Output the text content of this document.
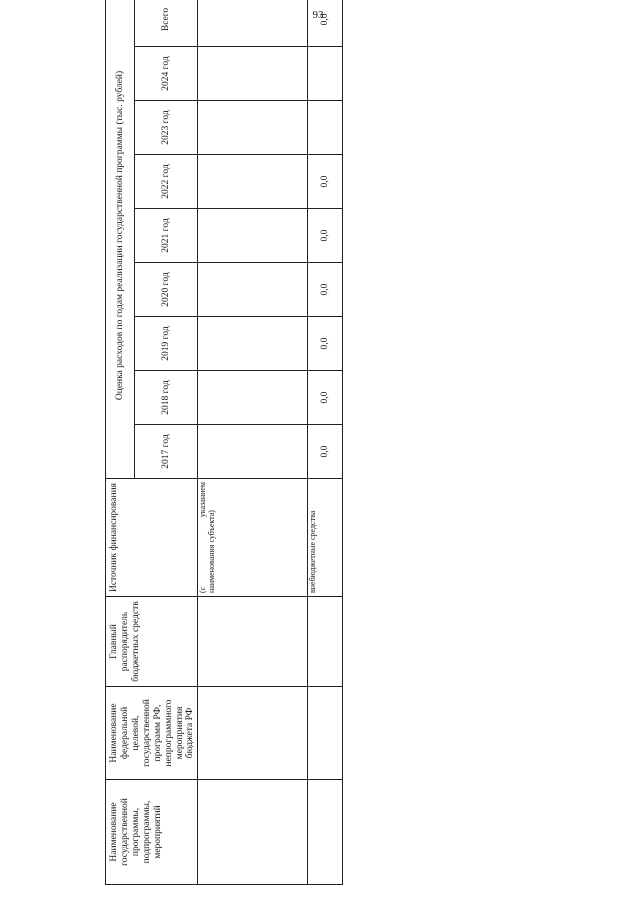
93
Наименование государственной программы, подпрограммы, мероприятий	Наименование федеральной целевой, государственной программ РФ, непрограммного мероприятия бюджета РФ	Главный распорядитель бюджетных средств	Источник финансирования	Оценка расходов по годам реализации государственной программы (тыс. рублей)								
				2017 год	2018 год	2019 год	2020 год	2021 год	2022 год	2023 год	2024 год	Всего

			(с
указанием
наименования субъекта)									

			внебюджетные средства	0,0	0,0	0,0	0,0	0,0	0,0			0,0
